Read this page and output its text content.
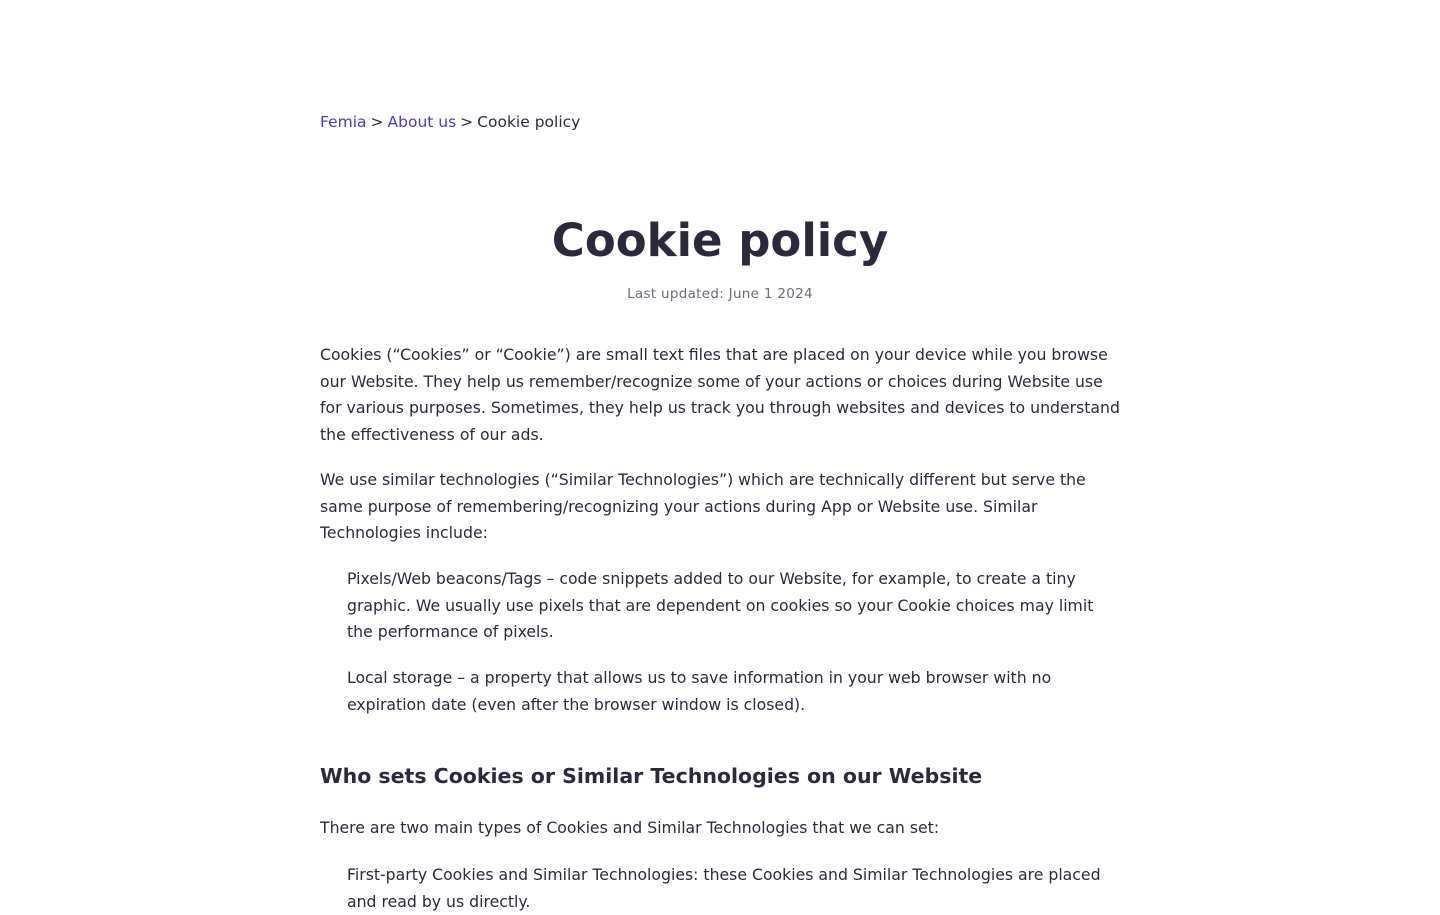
Femia > About us > Cookie policy
Cookie policy
Last updated: June 1 2024

Cookies (“Cookies” or “Cookie”) are small text files that are placed on your device while you browse our Website. They help us remember/recognize some of your actions or choices during Website use for various purposes. Sometimes, they help us track you through websites and devices to understand the effectiveness of our ads.

We use similar technologies (“Similar Technologies”) which are technically different but serve the same purpose of remembering/recognizing your actions during App or Website use. Similar Technologies include:

Pixels/Web beacons/Tags – code snippets added to our Website, for example, to create a tiny graphic. We usually use pixels that are dependent on cookies so your Cookie choices may limit the performance of pixels.

Local storage – a property that allows us to save information in your web browser with no expiration date (even after the browser window is closed).

Who sets Cookies or Similar Technologies on our Website

There are two main types of Cookies and Similar Technologies that we can set:

First-party Cookies and Similar Technologies: these Cookies and Similar Technologies are placed and read by us directly.
